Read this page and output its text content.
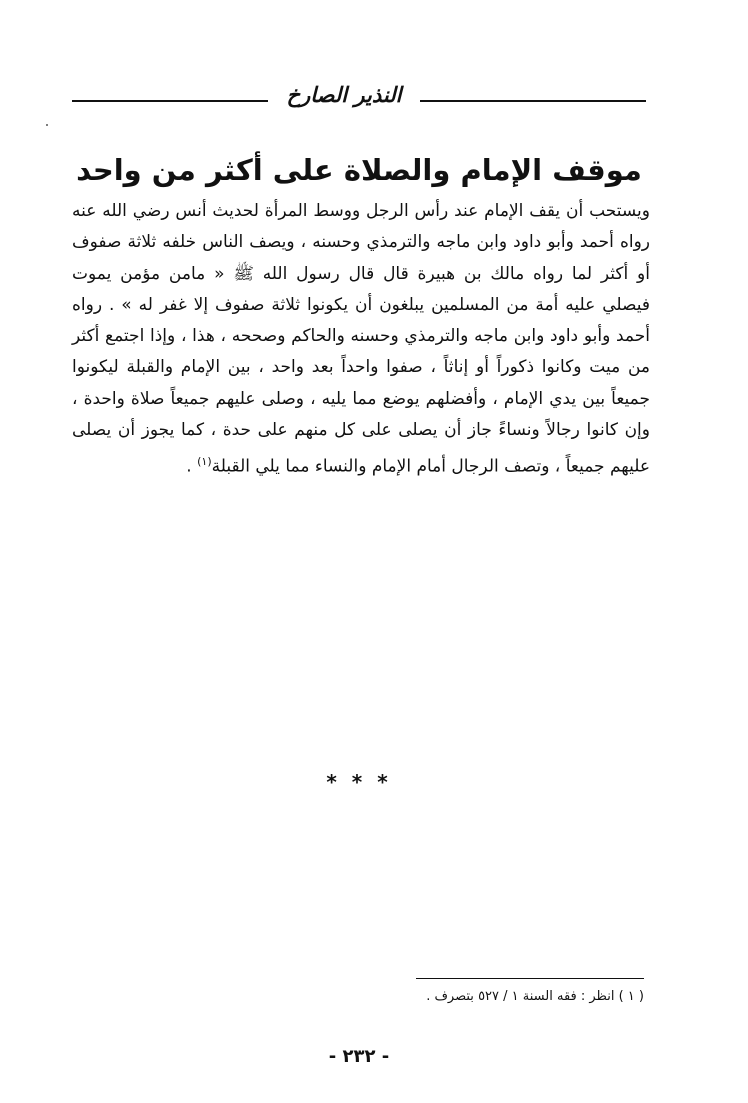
النذير الصارخ
موقف الإمام والصلاة على أكثر من واحد

ويستحب أن يقف الإمام عند رأس الرجل ووسط المرأة لحديث أنس رضي الله عنه رواه أحمد وأبو داود وابن ماجه والترمذي وحسنه ، ويصف الناس خلفه ثلاثة صفوف أو أكثر لما رواه مالك بن هبيرة قال قال رسول الله ﷺ « مامن مؤمن يموت فيصلي عليه أمة من المسلمين يبلغون أن يكونوا ثلاثة صفوف إلا غفر له » . رواه أحمد وأبو داود وابن ماجه والترمذي وحسنه والحاكم وصححه ، هذا ، وإذا اجتمع أكثر من ميت وكانوا ذكوراً أو إناثاً ، صفوا واحداً بعد واحد ، بين الإمام والقبلة ليكونوا جميعاً بين يدي الإمام ، وأفضلهم يوضع مما يليه ، وصلى عليهم جميعاً صلاة واحدة ، وإن كانوا رجالاً ونساءً جاز أن يصلى على كل منهم على حدة ، كما يجوز أن يصلى عليهم جميعاً ، وتصف الرجال أمام الإمام والنساء مما يلي القبلة$^{(١)}$ .

* * *
( ١ ) انظر : فقه السنة ١ / ٥٢٧ بتصرف .
- ٢٣٢ -
